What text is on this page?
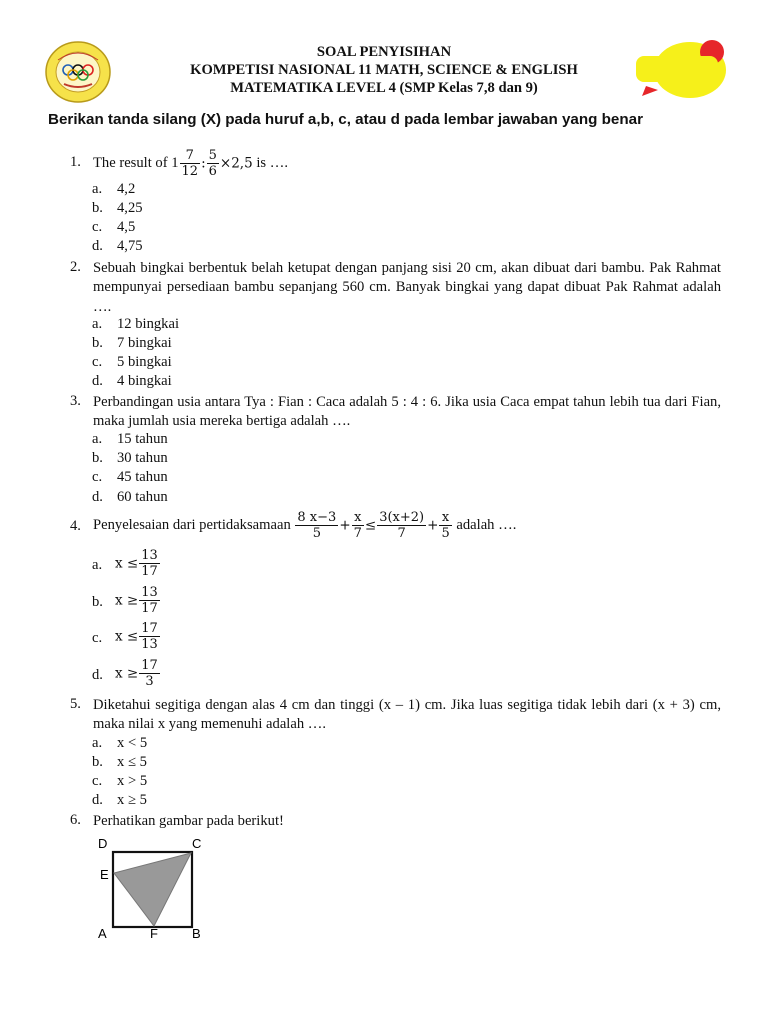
SOAL PENYISIHAN
KOMPETISI NASIONAL 11 MATH, SCIENCE & ENGLISH
MATEMATIKA LEVEL 4 (SMP Kelas 7,8 dan 9)
Berikan tanda silang (X) pada huruf a,b, c, atau d pada lembar jawaban yang benar
1. The result of $1 \frac{7}{12}$ : $\frac{5}{6} \times 2,5$ is ….
a. 4,2
b. 4,25
c. 4,5
d. 4,75
2. Sebuah bingkai berbentuk belah ketupat dengan panjang sisi 20 cm, akan dibuat dari bambu. Pak Rahmat mempunyai persediaan bambu sepanjang 560 cm. Banyak bingkai yang dapat dibuat Pak Rahmat adalah ….
a. 12 bingkai
b. 7 bingkai
c. 5 bingkai
d. 4 bingkai
3. Perbandingan usia antara Tya : Fian : Caca adalah 5 : 4 : 6. Jika usia Caca empat tahun lebih tua dari Fian, maka jumlah usia mereka bertiga adalah ….
a. 15 tahun
b. 30 tahun
c. 45 tahun
d. 60 tahun
4. Penyelesaian dari pertidaksamaan $\frac{8 x-3}{5} + \frac{x}{7} \le \frac{3(x+2)}{7} + \frac{x}{5}$ adalah ….
a. $x \le \frac{13}{17}$
b. $x \ge \frac{13}{17}$
c. $x \le \frac{17}{13}$
d. $x \ge \frac{17}{3}$
5. Diketahui segitiga dengan alas 4 cm dan tinggi (x – 1) cm. Jika luas segitiga tidak lebih dari (x + 3) cm, maka nilai x yang memenuhi adalah ….
a. x < 5
b. x ≤ 5
c. x > 5
d. x ≥ 5
6. Perhatikan gambar pada berikut!
D	C
E
A	F	B
